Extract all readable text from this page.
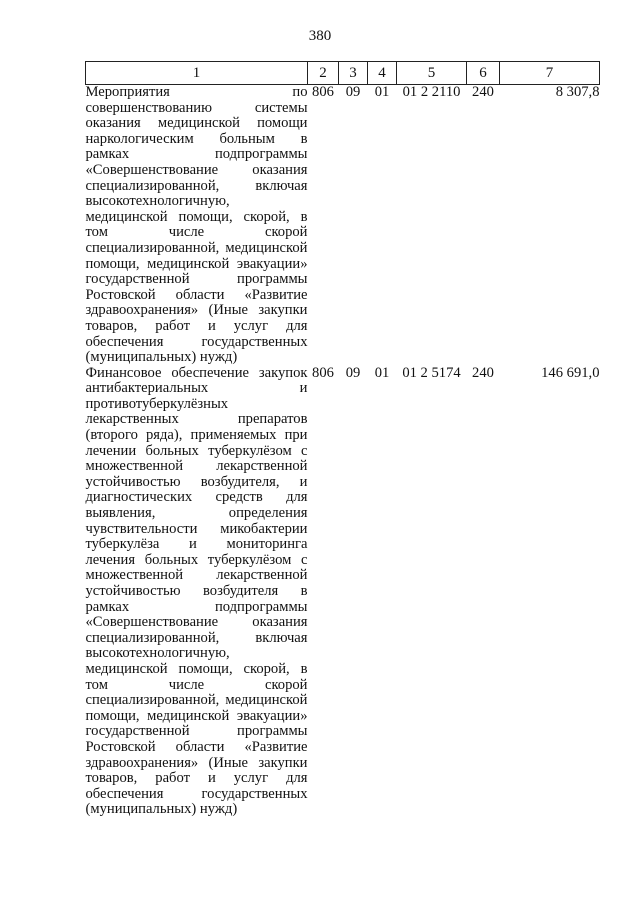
380
1	2	3	4	5	6	7
Мероприятия по совершенствованию системы оказания медицинской помощи наркологическим больным в рамках подпрограммы «Совершенствование оказания специализированной, включая высокотехнологичную, медицинской помощи, скорой, в том числе скорой специализированной, медицинской помощи, медицинской эвакуации» государственной программы Ростовской области «Развитие здравоохранения» (Иные закупки товаров, работ и услуг для обеспечения государственных (муниципальных) нужд)	806	09	01	01 2 2110	240	8 307,8
Финансовое обеспечение закупок антибактериальных и противотуберкулёзных лекарственных препаратов (второго ряда), применяемых при лечении больных туберкулёзом с множественной лекарственной устойчивостью возбудителя, и диагностических средств для выявления, определения чувствительности микобактерии туберкулёза и мониторинга лечения больных туберкулёзом с множественной лекарственной устойчивостью возбудителя в рамках подпрограммы «Совершенствование оказания специализированной, включая высокотехнологичную, медицинской помощи, скорой, в том числе скорой специализированной, медицинской помощи, медицинской эвакуации» государственной программы Ростовской области «Развитие здравоохранения» (Иные закупки товаров, работ и услуг для обеспечения государственных (муниципальных) нужд)	806	09	01	01 2 5174	240	146 691,0
